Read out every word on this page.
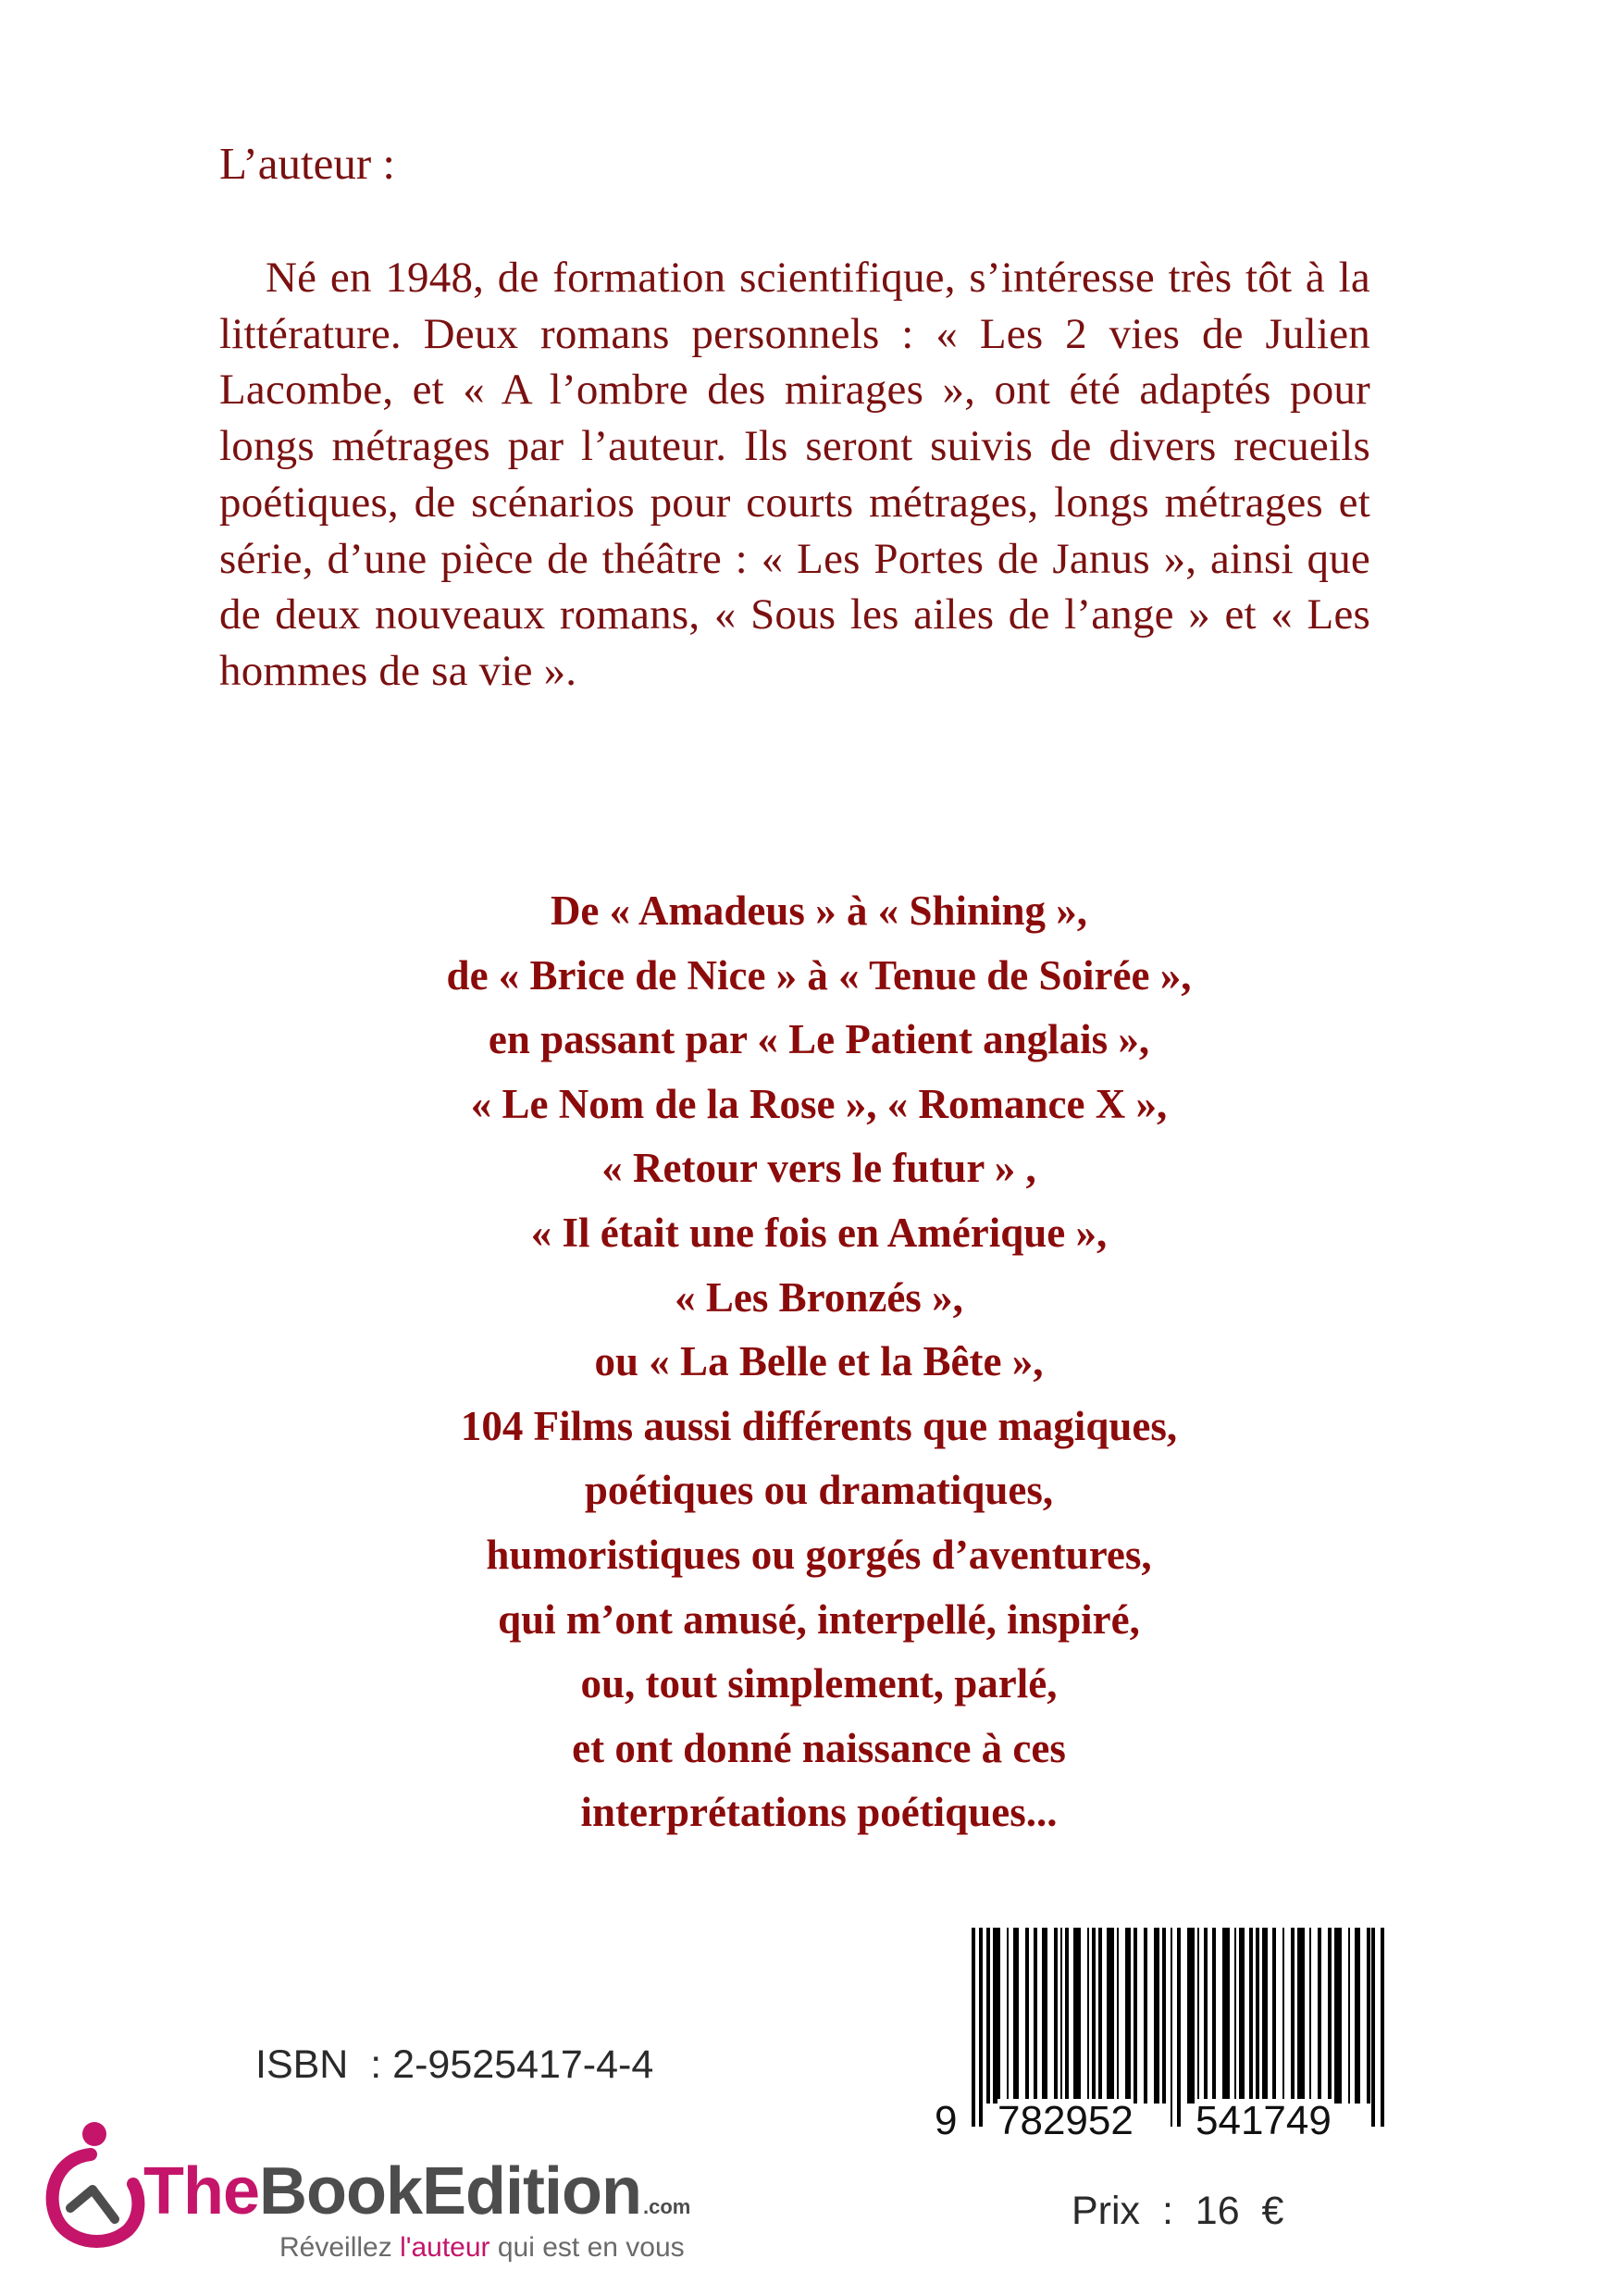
L’auteur :

Né en 1948, de formation scientifique, s’intéresse très tôt à la littérature. Deux romans personnels : « Les 2 vies de Julien Lacombe, et « A l’ombre des mirages », ont été adaptés pour longs métrages par l’auteur. Ils seront suivis de divers recueils poétiques, de scénarios pour courts métrages, longs métrages et série, d’une pièce de théâtre : « Les Portes de Janus », ainsi que de deux nouveaux romans, « Sous les ailes de l’ange » et « Les hommes de sa vie ».

De « Amadeus » à « Shining »,
de « Brice de Nice » à « Tenue de Soirée »,
en passant par « Le Patient anglais »,
« Le Nom de la Rose », « Romance X »,
« Retour vers le futur » ,
« Il était une fois en Amérique »,
« Les Bronzés »,
ou « La Belle et la Bête »,
104 Films aussi différents que magiques,
poétiques ou dramatiques,
humoristiques ou gorgés d’aventures,
qui m’ont amusé, interpellé, inspiré,
ou, tout simplement, parlé,
et ont donné naissance à ces
interprétations poétiques...
ISBN : 2-9525417-4-4
9 782952 541749
Prix :  16  €
TheBookEdition.com
Réveillez l'auteur qui est en vous
